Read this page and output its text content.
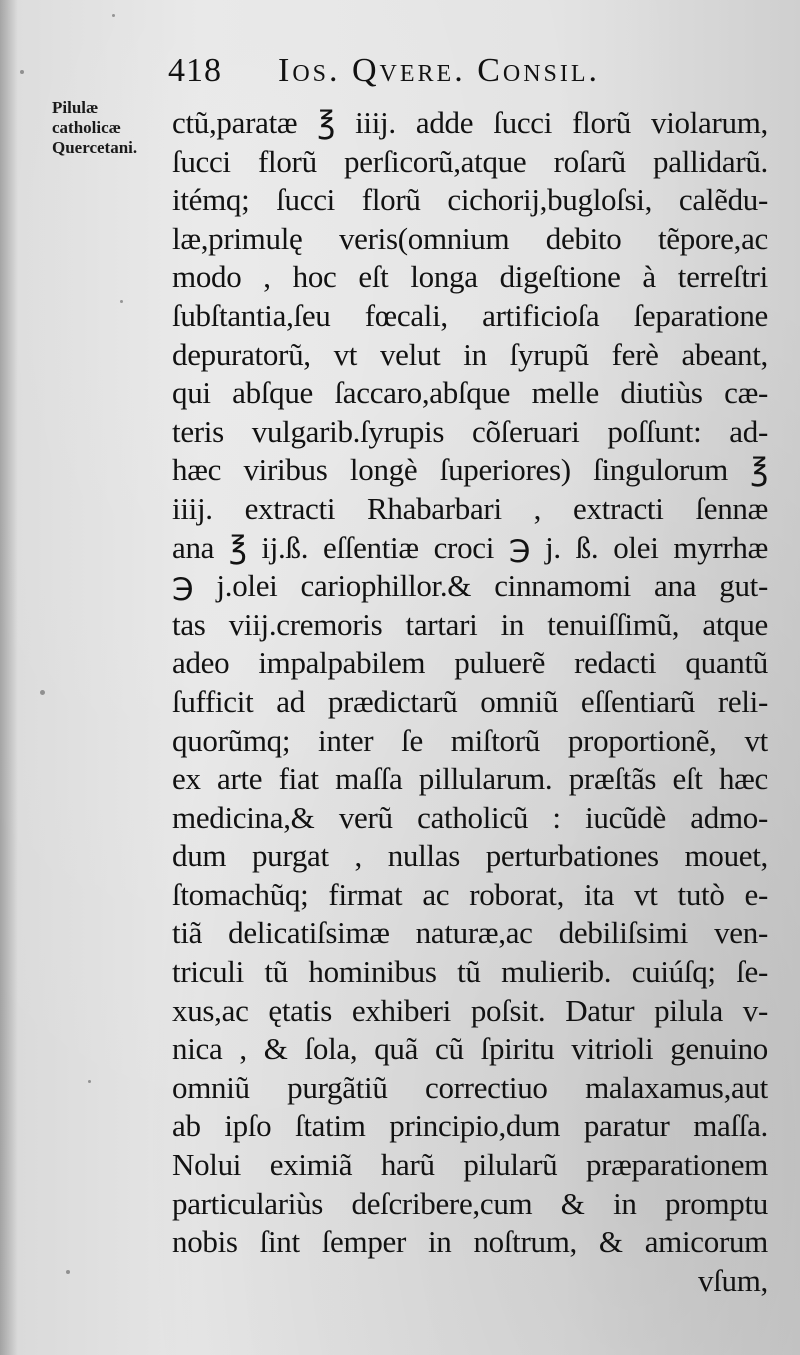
418 Ios. Qvere. Consil.
Pilulæ
catholicæ
Quercetani.
ctũ,paratæ ℥ iiij. adde ſucci florũ violarum,
ſucci florũ perſicorũ,atque roſarũ pallidarũ.
itémq; ſucci florũ cichorij,bugloſsi, calẽdu-
læ,primulę veris(omnium debito tẽpore,ac
modo , hoc eſt longa digeſtione à terreſtri
ſubſtantia,ſeu fœcali, artificioſa ſeparatione
depuratorũ, vt velut in ſyrupũ ferè abeant,
qui abſque ſaccaro,abſque melle diutiùs cæ-
teris vulgarib.ſyrupis cõſeruari poſſunt: ad-
hæc viribus longè ſuperiores) ſingulorum ℥
iiij. extracti Rhabarbari , extracti ſennæ
ana ℥ ij.ß. eſſentiæ croci ℈ j. ß. olei myrrhæ
℈ j.olei cariophillor.& cinnamomi ana gut-
tas viij.cremoris tartari in tenuiſſimũ, atque
adeo impalpabilem puluerẽ redacti quantũ
ſufficit ad prædictarũ omniũ eſſentiarũ reli-
quorũmq; inter ſe miſtorũ proportionẽ, vt
ex arte fiat maſſa pillularum. præſtãs eſt hæc
medicina,& verũ catholicũ : iucũdè admo-
dum purgat , nullas perturbationes mouet,
ſtomachũq; firmat ac roborat, ita vt tutò e-
tiã delicatiſsimæ naturæ,ac debiliſsimi ven-
triculi tũ hominibus tũ mulierib. cuiúſq; ſe-
xus,ac ętatis exhiberi poſsit. Datur pilula v-
nica , & ſola, quã cũ ſpiritu vitrioli genuino
omniũ purgãtiũ correctiuo malaxamus,aut
ab ipſo ſtatim principio,dum paratur maſſa.
Nolui eximiã harũ pilularũ præparationem
particulariùs deſcribere,cum & in promptu
nobis ſint ſemper in noſtrum, & amicorum
vſum,
